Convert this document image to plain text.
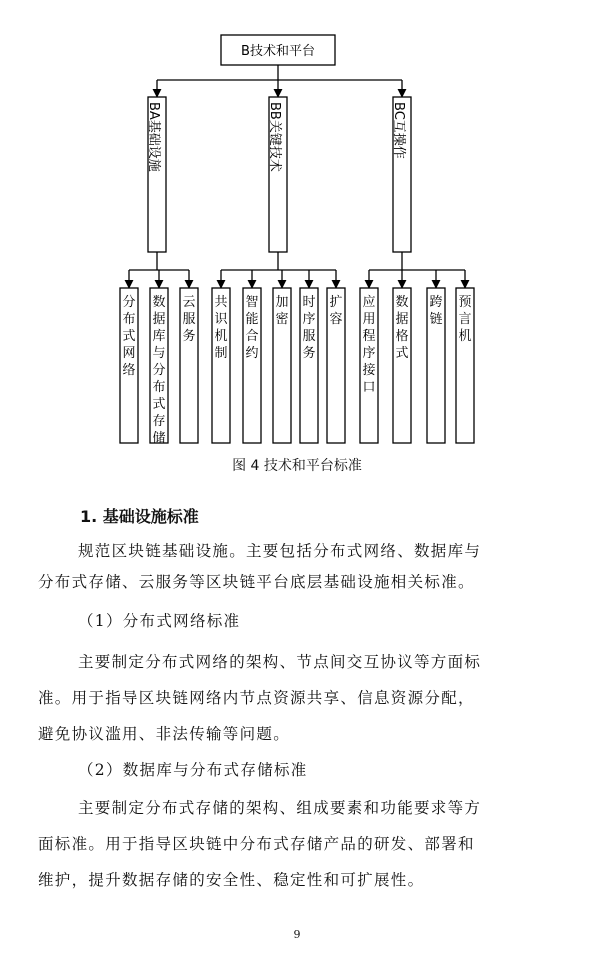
B技术和平台
BA基础设施	BB关键技术	BC互操作
分布式网络
数据库与分布式存储
云服务
共识机制
智能合约
加密
时序服务
扩容
应用程序接口
数据格式
跨链
预言机
图 4 技术和平台标准
1. 基础设施标准
规范区块链基础设施。主要包括分布式网络、数据库与
分布式存储、云服务等区块链平台底层基础设施相关标准。
（1）分布式网络标准
主要制定分布式网络的架构、节点间交互协议等方面标
准。用于指导区块链网络内节点资源共享、信息资源分配，
避免协议滥用、非法传输等问题。
（2）数据库与分布式存储标准
主要制定分布式存储的架构、组成要素和功能要求等方
面标准。用于指导区块链中分布式存储产品的研发、部署和
维护，提升数据存储的安全性、稳定性和可扩展性。
9
